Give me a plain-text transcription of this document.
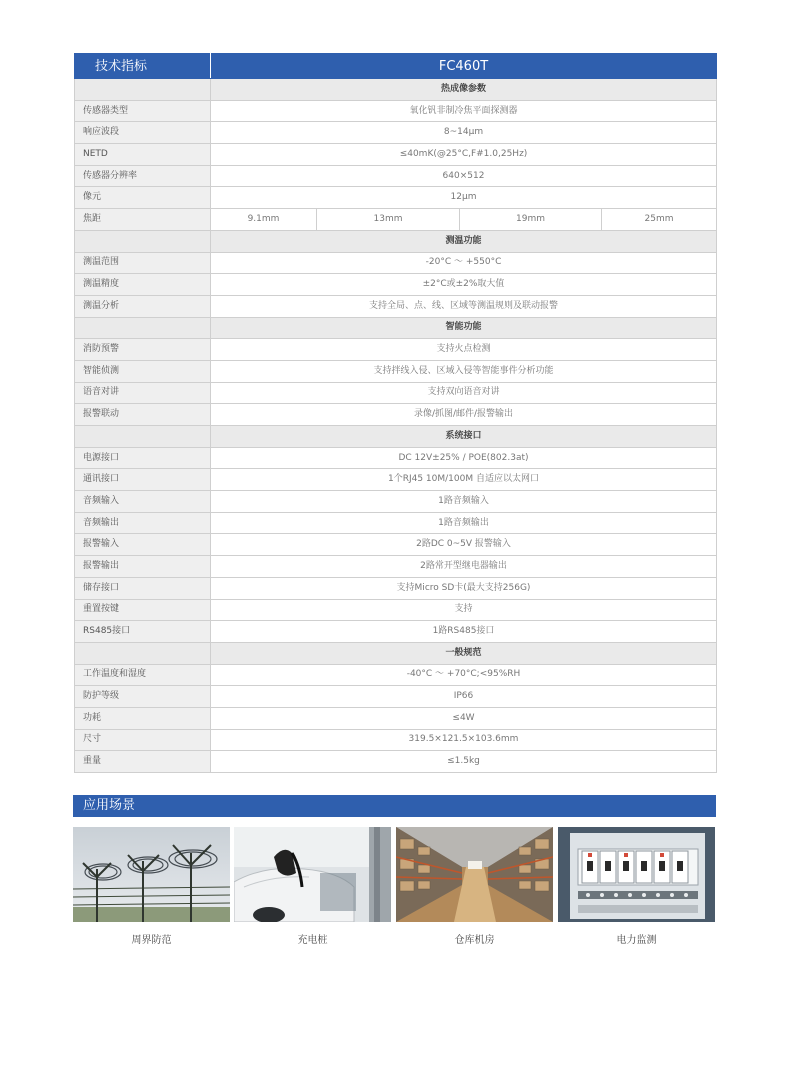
技术指标	FC460T			
	热成像参数			
传感器类型	氧化钒非制冷焦平面探测器			
响应波段	8~14μm			
NETD	≤40mK(@25°C,F#1.0,25Hz)			
传感器分辨率	640×512			
像元	12μm			
焦距	9.1mm	13mm	19mm	25mm
	测温功能			
测温范围	-20°C ～ +550°C			
测温精度	±2°C或±2%取大值			
测温分析	支持全局、点、线、区域等测温规则及联动报警			
	智能功能			
消防预警	支持火点检测			
智能侦测	支持拌线入侵、区域入侵等智能事件分析功能			
语音对讲	支持双向语音对讲			
报警联动	录像/抓图/邮件/报警输出			
	系统接口			
电源接口	DC 12V±25% / POE(802.3at)			
通讯接口	1个RJ45 10M/100M 自适应以太网口			
音频输入	1路音频输入			
音频输出	1路音频输出			
报警输入	2路DC 0~5V 报警输入			
报警输出	2路常开型继电器输出			
储存接口	支持Micro SD卡(最大支持256G)			
重置按键	支持			
RS485接口	1路RS485接口			
	一般规范			
工作温度和湿度	-40°C ～ +70°C;<95%RH			
防护等级	IP66			
功耗	≤4W			
尺寸	319.5×121.5×103.6mm			
重量	≤1.5kg			
应用场景
周界防范	充电桩	仓库机房	电力监测
